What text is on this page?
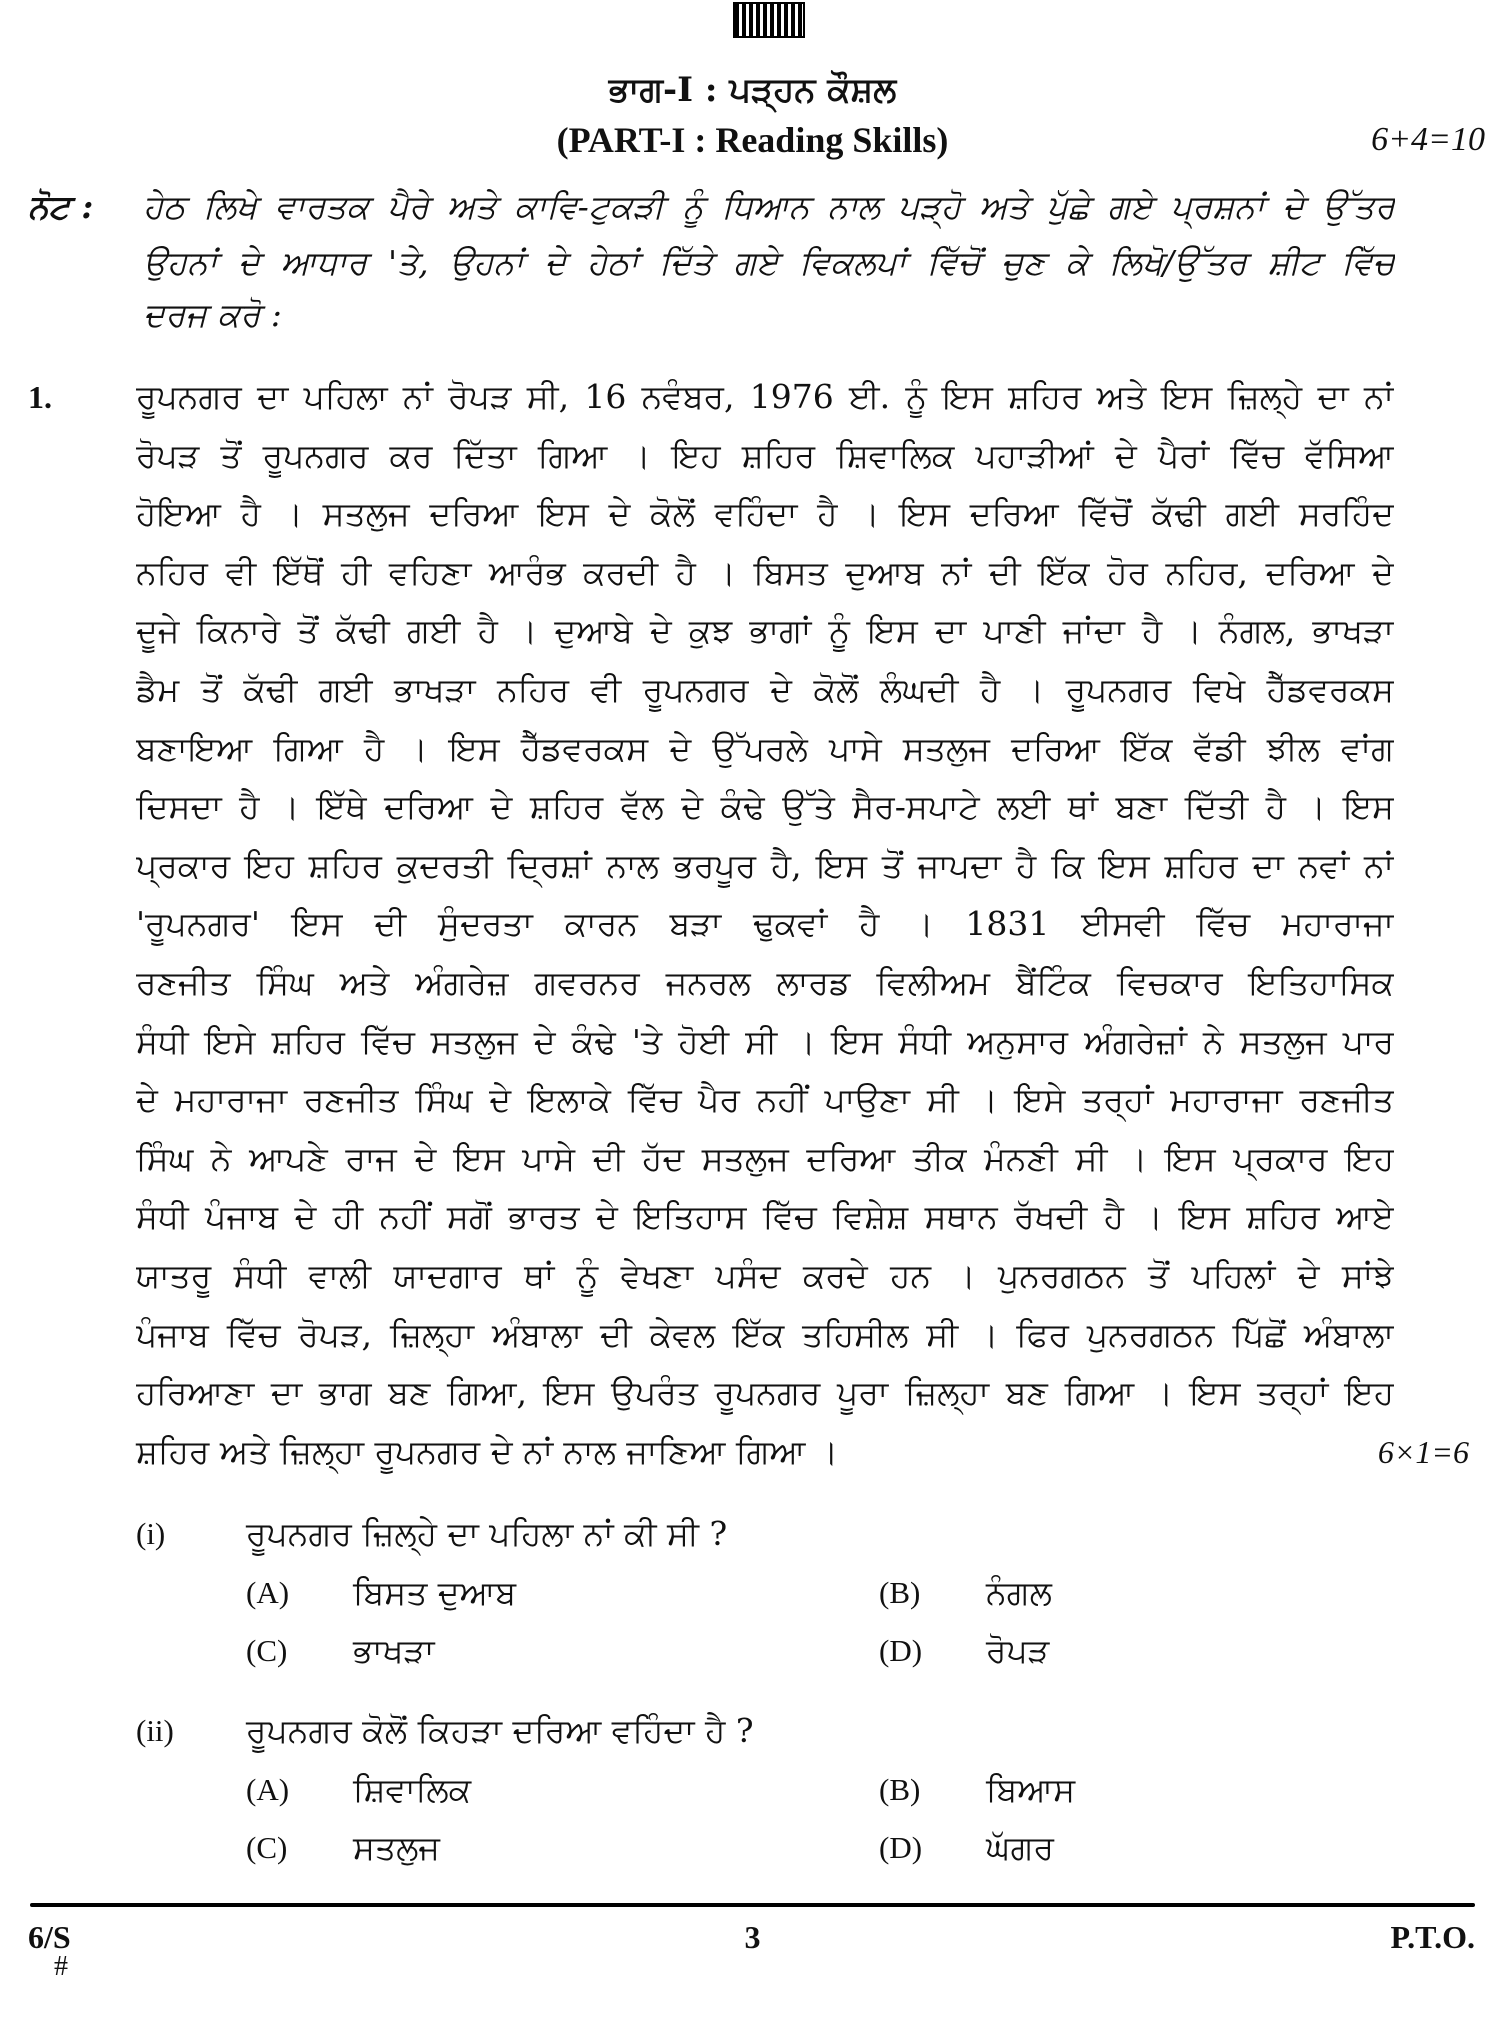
ਭਾਗ-I : ਪੜ੍ਹਨ ਕੌਸ਼ਲ
(PART-I : Reading Skills)	6+4=10
ਨੋਟ : ਹੇਠ ਲਿਖੇ ਵਾਰਤਕ ਪੈਰੇ ਅਤੇ ਕਾਵਿ-ਟੁਕੜੀ ਨੂੰ ਧਿਆਨ ਨਾਲ ਪੜ੍ਹੋ ਅਤੇ ਪੁੱਛੇ ਗਏ ਪ੍ਰਸ਼ਨਾਂ ਦੇ ਉੱਤਰ
ਉਹਨਾਂ ਦੇ ਆਧਾਰ 'ਤੇ, ਉਹਨਾਂ ਦੇ ਹੇਠਾਂ ਦਿੱਤੇ ਗਏ ਵਿਕਲਪਾਂ ਵਿੱਚੋਂ ਚੁਣ ਕੇ ਲਿਖੋ/ਉੱਤਰ ਸ਼ੀਟ ਵਿੱਚ
ਦਰਜ ਕਰੋ :
1.	ਰੂਪਨਗਰ ਦਾ ਪਹਿਲਾ ਨਾਂ ਰੋਪੜ ਸੀ, 16 ਨਵੰਬਰ, 1976 ਈ. ਨੂੰ ਇਸ ਸ਼ਹਿਰ ਅਤੇ ਇਸ ਜ਼ਿਲ੍ਹੇ ਦਾ ਨਾਂ
ਰੋਪੜ ਤੋਂ ਰੂਪਨਗਰ ਕਰ ਦਿੱਤਾ ਗਿਆ । ਇਹ ਸ਼ਹਿਰ ਸ਼ਿਵਾਲਿਕ ਪਹਾੜੀਆਂ ਦੇ ਪੈਰਾਂ ਵਿੱਚ ਵੱਸਿਆ
ਹੋਇਆ ਹੈ । ਸਤਲੁਜ ਦਰਿਆ ਇਸ ਦੇ ਕੋਲੋਂ ਵਹਿੰਦਾ ਹੈ । ਇਸ ਦਰਿਆ ਵਿੱਚੋਂ ਕੱਢੀ ਗਈ ਸਰਹਿੰਦ
ਨਹਿਰ ਵੀ ਇੱਥੋਂ ਹੀ ਵਹਿਣਾ ਆਰੰਭ ਕਰਦੀ ਹੈ । ਬਿਸਤ ਦੁਆਬ ਨਾਂ ਦੀ ਇੱਕ ਹੋਰ ਨਹਿਰ, ਦਰਿਆ ਦੇ
ਦੂਜੇ ਕਿਨਾਰੇ ਤੋਂ ਕੱਢੀ ਗਈ ਹੈ । ਦੁਆਬੇ ਦੇ ਕੁਝ ਭਾਗਾਂ ਨੂੰ ਇਸ ਦਾ ਪਾਣੀ ਜਾਂਦਾ ਹੈ । ਨੰਗਲ, ਭਾਖੜਾ
ਡੈਮ ਤੋਂ ਕੱਢੀ ਗਈ ਭਾਖੜਾ ਨਹਿਰ ਵੀ ਰੂਪਨਗਰ ਦੇ ਕੋਲੋਂ ਲੰਘਦੀ ਹੈ । ਰੂਪਨਗਰ ਵਿਖੇ ਹੈੱਡਵਰਕਸ
ਬਣਾਇਆ ਗਿਆ ਹੈ । ਇਸ ਹੈੱਡਵਰਕਸ ਦੇ ਉੱਪਰਲੇ ਪਾਸੇ ਸਤਲੁਜ ਦਰਿਆ ਇੱਕ ਵੱਡੀ ਝੀਲ ਵਾਂਗ
ਦਿਸਦਾ ਹੈ । ਇੱਥੇ ਦਰਿਆ ਦੇ ਸ਼ਹਿਰ ਵੱਲ ਦੇ ਕੰਢੇ ਉੱਤੇ ਸੈਰ-ਸਪਾਟੇ ਲਈ ਥਾਂ ਬਣਾ ਦਿੱਤੀ ਹੈ । ਇਸ
ਪ੍ਰਕਾਰ ਇਹ ਸ਼ਹਿਰ ਕੁਦਰਤੀ ਦ੍ਰਿਸ਼ਾਂ ਨਾਲ ਭਰਪੂਰ ਹੈ, ਇਸ ਤੋਂ ਜਾਪਦਾ ਹੈ ਕਿ ਇਸ ਸ਼ਹਿਰ ਦਾ ਨਵਾਂ ਨਾਂ
'ਰੂਪਨਗਰ' ਇਸ ਦੀ ਸੁੰਦਰਤਾ ਕਾਰਨ ਬੜਾ ਢੁਕਵਾਂ ਹੈ । 1831 ਈਸਵੀ ਵਿੱਚ ਮਹਾਰਾਜਾ
ਰਣਜੀਤ ਸਿੰਘ ਅਤੇ ਅੰਗਰੇਜ਼ ਗਵਰਨਰ ਜਨਰਲ ਲਾਰਡ ਵਿਲੀਅਮ ਬੈਂਟਿੰਕ ਵਿਚਕਾਰ ਇਤਿਹਾਸਿਕ
ਸੰਧੀ ਇਸੇ ਸ਼ਹਿਰ ਵਿੱਚ ਸਤਲੁਜ ਦੇ ਕੰਢੇ 'ਤੇ ਹੋਈ ਸੀ । ਇਸ ਸੰਧੀ ਅਨੁਸਾਰ ਅੰਗਰੇਜ਼ਾਂ ਨੇ ਸਤਲੁਜ ਪਾਰ
ਦੇ ਮਹਾਰਾਜਾ ਰਣਜੀਤ ਸਿੰਘ ਦੇ ਇਲਾਕੇ ਵਿੱਚ ਪੈਰ ਨਹੀਂ ਪਾਉਣਾ ਸੀ । ਇਸੇ ਤਰ੍ਹਾਂ ਮਹਾਰਾਜਾ ਰਣਜੀਤ
ਸਿੰਘ ਨੇ ਆਪਣੇ ਰਾਜ ਦੇ ਇਸ ਪਾਸੇ ਦੀ ਹੱਦ ਸਤਲੁਜ ਦਰਿਆ ਤੀਕ ਮੰਨਣੀ ਸੀ । ਇਸ ਪ੍ਰਕਾਰ ਇਹ
ਸੰਧੀ ਪੰਜਾਬ ਦੇ ਹੀ ਨਹੀਂ ਸਗੋਂ ਭਾਰਤ ਦੇ ਇਤਿਹਾਸ ਵਿੱਚ ਵਿਸ਼ੇਸ਼ ਸਥਾਨ ਰੱਖਦੀ ਹੈ । ਇਸ ਸ਼ਹਿਰ ਆਏ
ਯਾਤਰੂ ਸੰਧੀ ਵਾਲੀ ਯਾਦਗਾਰ ਥਾਂ ਨੂੰ ਵੇਖਣਾ ਪਸੰਦ ਕਰਦੇ ਹਨ । ਪੁਨਰਗਠਨ ਤੋਂ ਪਹਿਲਾਂ ਦੇ ਸਾਂਝੇ
ਪੰਜਾਬ ਵਿੱਚ ਰੋਪੜ, ਜ਼ਿਲ੍ਹਾ ਅੰਬਾਲਾ ਦੀ ਕੇਵਲ ਇੱਕ ਤਹਿਸੀਲ ਸੀ । ਫਿਰ ਪੁਨਰਗਠਨ ਪਿੱਛੋਂ ਅੰਬਾਲਾ
ਹਰਿਆਣਾ ਦਾ ਭਾਗ ਬਣ ਗਿਆ, ਇਸ ਉਪਰੰਤ ਰੂਪਨਗਰ ਪੂਰਾ ਜ਼ਿਲ੍ਹਾ ਬਣ ਗਿਆ । ਇਸ ਤਰ੍ਹਾਂ ਇਹ
ਸ਼ਹਿਰ ਅਤੇ ਜ਼ਿਲ੍ਹਾ ਰੂਪਨਗਰ ਦੇ ਨਾਂ ਨਾਲ ਜਾਣਿਆ ਗਿਆ ।	6×1=6
(i) ਰੂਪਨਗਰ ਜ਼ਿਲ੍ਹੇ ਦਾ ਪਹਿਲਾ ਨਾਂ ਕੀ ਸੀ ?
(A) ਬਿਸਤ ਦੁਆਬ	(B) ਨੰਗਲ
(C) ਭਾਖੜਾ	(D) ਰੋਪੜ
(ii) ਰੂਪਨਗਰ ਕੋਲੋਂ ਕਿਹੜਾ ਦਰਿਆ ਵਹਿੰਦਾ ਹੈ ?
(A) ਸ਼ਿਵਾਲਿਕ	(B) ਬਿਆਸ
(C) ਸਤਲੁਜ	(D) ਘੱਗਰ
6/S
#
3	P.T.O.
